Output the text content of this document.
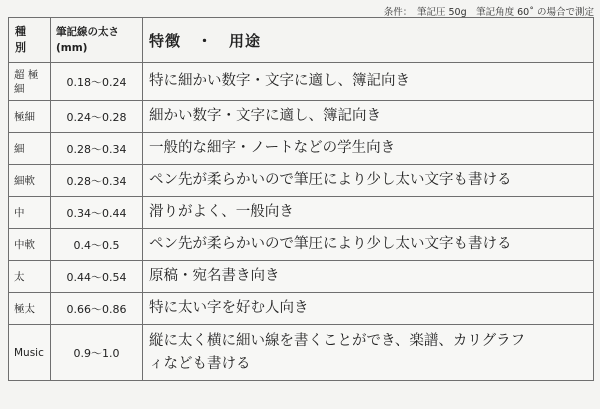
条件：　筆記圧 50g　筆記角度 60˚ の場合で測定
種
別	筆記線の太さ
(mm)	特徴　・　用途
超 極
細	0.18～0.24	特に細かい数字・文字に適し、簿記向き
極細	0.24～0.28	細かい数字・文字に適し、簿記向き
細	0.28～0.34	一般的な細字・ノートなどの学生向き
細軟	0.28～0.34	ペン先が柔らかいので筆圧により少し太い文字も書ける
中	0.34～0.44	滑りがよく、一般向き
中軟	0.4～0.5	ペン先が柔らかいので筆圧により少し太い文字も書ける
太	0.44～0.54	原稿・宛名書き向き
極太	0.66～0.86	特に太い字を好む人向き
Music	0.9～1.0	縦に太く横に細い線を書くことができ、楽譜、カリグラフ
ィなども書ける
